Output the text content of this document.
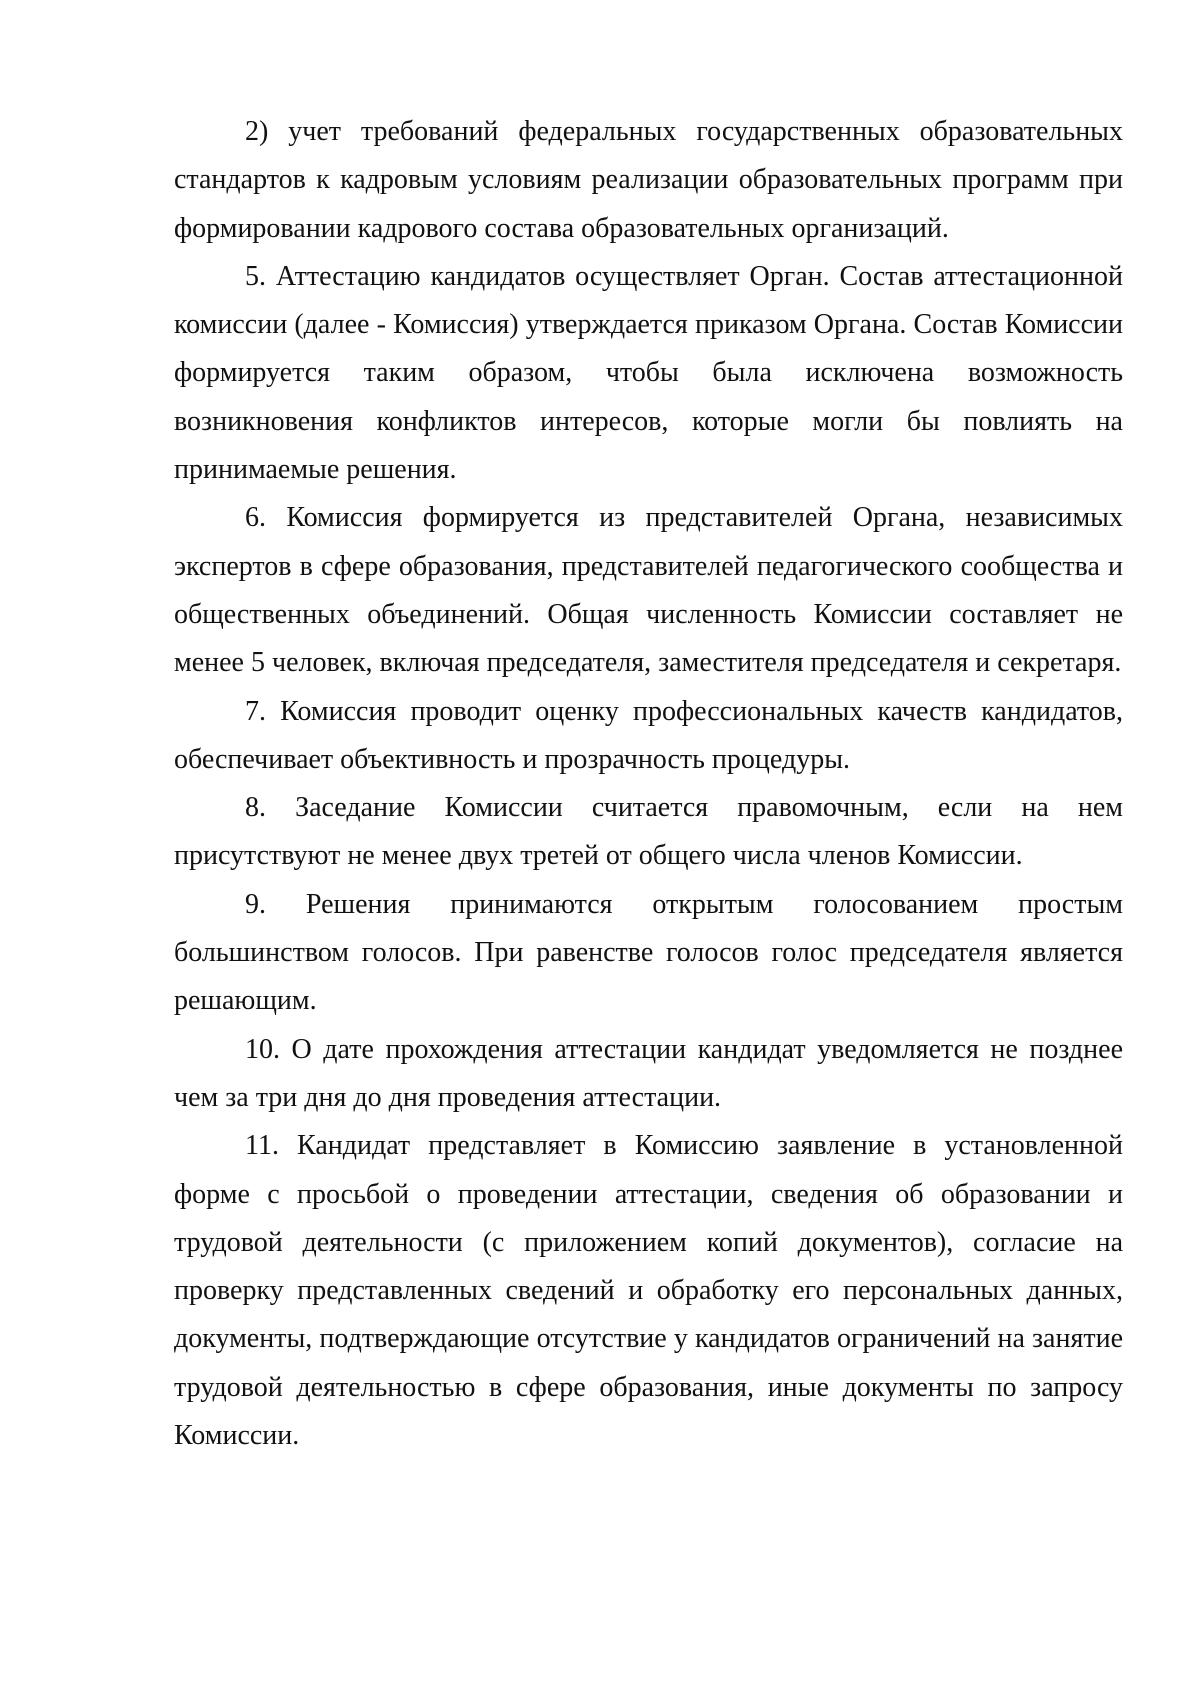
2) учет требований федеральных государственных образовательных стандартов к кадровым условиям реализации образовательных программ при формировании кадрового состава образовательных организаций.

5. Аттестацию кандидатов осуществляет Орган. Состав аттестационной комиссии (далее - Комиссия) утверждается приказом Органа. Состав Комиссии формируется таким образом, чтобы была исключена возможность возникновения конфликтов интересов, которые могли бы повлиять на принимаемые решения.

6. Комиссия формируется из представителей Органа, независимых экспертов в сфере образования, представителей педагогического сообщества и общественных объединений. Общая численность Комиссии составляет не менее 5 человек, включая председателя, заместителя председателя и секретаря.

7. Комиссия проводит оценку профессиональных качеств кандидатов, обеспечивает объективность и прозрачность процедуры.

8. Заседание Комиссии считается правомочным, если на нем присутствуют не менее двух третей от общего числа членов Комиссии.

9. Решения принимаются открытым голосованием простым большинством голосов. При равенстве голосов голос председателя является решающим.

10. О дате прохождения аттестации кандидат уведомляется не позднее чем за три дня до дня проведения аттестации.

11. Кандидат представляет в Комиссию заявление в установленной форме с просьбой о проведении аттестации, сведения об образовании и трудовой деятельности (с приложением копий документов), согласие на проверку представленных сведений и обработку его персональных данных, документы, подтверждающие отсутствие у кандидатов ограничений на занятие трудовой деятельностью в сфере образования, иные документы по запросу Комиссии.
